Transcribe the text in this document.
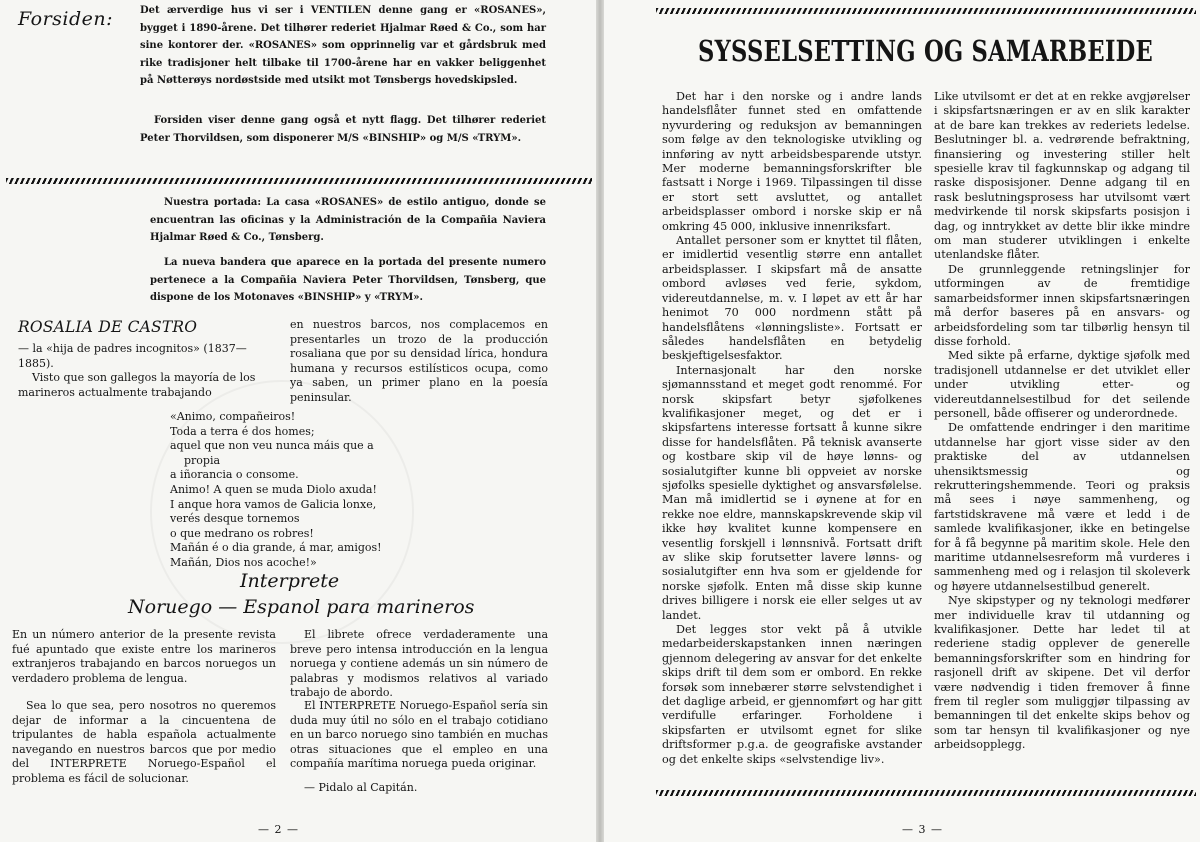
Forsiden:	Det ærverdige hus vi ser i VENTILEN denne gang er «ROSANES», bygget i 1890-årene. Det tilhører rederiet Hjalmar Røed & Co., som har sine kontorer der. «ROSANES» som opprinnelig var et gårdsbruk med rike tradisjoner helt tilbake til 1700-årene har en vakker beliggenhet på Nøtterøys nordøstside med utsikt mot Tønsbergs hovedskipsled.

Forsiden viser denne gang også et nytt flagg. Det tilhører rederiet Peter Thorvildsen, som disponerer M/S «BINSHIP» og M/S «TRYM».

Nuestra portada: La casa «ROSANES» de estilo antiguo, donde se encuentran las oficinas y la Administración de la Compañia Naviera Hjalmar Røed & Co., Tønsberg.

La nueva bandera que aparece en la portada del presente numero pertenece a la Compañia Naviera Peter Thorvildsen, Tønsberg, que dispone de los Motonaves «BINSHIP» y «TRYM».

ROSALIA DE CASTRO

— la «hija de padres incognitos» (1837—1885).

Visto que son gallegos la mayoría de los marineros actualmente trabajando

en nuestros barcos, nos complacemos en presentarles un trozo de la producción rosaliana que por su densidad lírica, hondura humana y recursos estilísticos ocupa, como ya saben, un primer plano en la poesía peninsular.

«Animo, compañeiros!
Toda a terra é dos homes;
aquel que non veu nunca máis que a
propia
a iñorancia o consome.
Animo! A quen se muda Diolo axuda!
I anque hora vamos de Galicia lonxe,
verés desque tornemos
o que medrano os robres!
Mañán é o dia grande, á mar, amigos!
Mañán, Dios nos acoche!»
Interprete
Noruego — Espanol para marineros

En un número anterior de la presente revista fué apuntado que existe entre los marineros extranjeros trabajando en barcos noruegos un verdadero problema de lengua.

Sea lo que sea, pero nosotros no queremos dejar de informar a la cincuentena de tripulantes de habla española actualmente navegando en nuestros barcos que por medio del INTERPRETE Noruego-Español el problema es fácil de solucionar.

El librete ofrece verdaderamente una breve pero intensa introducción en la lengua noruega y contiene además un sin número de palabras y modismos relativos al variado trabajo de abordo.

El INTERPRETE Noruego-Español sería sin duda muy útil no sólo en el trabajo cotidiano en un barco noruego sino también en muchas otras situaciones que el empleo en una compañía marítima noruega pueda originar.

— Pidalo al Capitán.

— 2 —
SYSSELSETTING OG SAMARBEIDE

Det har i den norske og i andre lands handelsflåter funnet sted en omfattende nyvurdering og reduksjon av bemanningen som følge av den teknologiske utvikling og innføring av nytt arbeidsbesparende utstyr. Mer moderne bemanningsforskrifter ble fastsatt i Norge i 1969. Tilpassingen til disse er stort sett avsluttet, og antallet arbeidsplasser ombord i norske skip er nå omkring 45 000, inklusive innenriksfart.

Antallet personer som er knyttet til flåten, er imidlertid vesentlig større enn antallet arbeidsplasser. I skipsfart må de ansatte ombord avløses ved ferie, sykdom, videreutdannelse, m. v. I løpet av ett år har henimot 70 000 nordmenn stått på handelsflåtens «lønningsliste». Fortsatt er således handelsflåten en betydelig beskjeftigelsesfaktor.

Internasjonalt har den norske sjømannsstand et meget godt renommé. For norsk skipsfart betyr sjøfolkenes kvalifikasjoner meget, og det er i skipsfartens interesse fortsatt å kunne sikre disse for handelsflåten. På teknisk avanserte og kostbare skip vil de høye lønns- og sosialutgifter kunne bli oppveiet av norske sjøfolks spesielle dyktighet og ansvarsfølelse. Man må imidlertid se i øynene at for en rekke noe eldre, mannskapskrevende skip vil ikke høy kvalitet kunne kompensere en vesentlig forskjell i lønnsnivå. Fortsatt drift av slike skip forutsetter lavere lønns- og sosialutgifter enn hva som er gjeldende for norske sjøfolk. Enten må disse skip kunne drives billigere i norsk eie eller selges ut av landet.

Det legges stor vekt på å utvikle medarbeiderskapstanken innen næringen gjennom delegering av ansvar for det enkelte skips drift til dem som er ombord. En rekke forsøk som innebærer større selvstendighet i det daglige arbeid, er gjennomført og har gitt verdifulle erfaringer. Forholdene i skipsfarten er utvilsomt egnet for slike driftsformer p.g.a. de geografiske avstander og det enkelte skips «selvstendige liv».

Like utvilsomt er det at en rekke avgjørelser i skipsfartsnæringen er av en slik karakter at de bare kan trekkes av rederiets ledelse. Beslutninger bl. a. vedrørende befraktning, finansiering og investering stiller helt spesielle krav til fagkunnskap og adgang til raske disposisjoner. Denne adgang til en rask beslutningsprosess har utvilsomt vært medvirkende til norsk skipsfarts posisjon i dag, og inntrykket av dette blir ikke mindre om man studerer utviklingen i enkelte utenlandske flåter.

De grunnleggende retningslinjer for utformingen av de fremtidige samarbeidsformer innen skipsfartsnæringen må derfor baseres på en ansvars- og arbeidsfordeling som tar tilbørlig hensyn til disse forhold.

Med sikte på erfarne, dyktige sjøfolk med tradisjonell utdannelse er det utviklet eller under utvikling etter- og videreutdannelsestilbud for det seilende personell, både offiserer og underordnede.

De omfattende endringer i den maritime utdannelse har gjort visse sider av den praktiske del av utdannelsen uhensiktsmessig og rekrutteringshemmende. Teori og praksis må sees i nøye sammenheng, og fartstidskravene må være et ledd i de samlede kvalifikasjoner, ikke en betingelse for å få begynne på maritim skole. Hele den maritime utdannelsesreform må vurderes i sammenheng med og i relasjon til skoleverk og høyere utdannelsestilbud generelt.

Nye skipstyper og ny teknologi medfører mer individuelle krav til utdanning og kvalifikasjoner. Dette har ledet til at rederiene stadig opplever de generelle bemanningsforskrifter som en hindring for rasjonell drift av skipene. Det vil derfor være nødvendig i tiden fremover å finne frem til regler som muliggjør tilpassing av bemanningen til det enkelte skips behov og som tar hensyn til kvalifikasjoner og nye arbeidsopplegg.

— 3 —
